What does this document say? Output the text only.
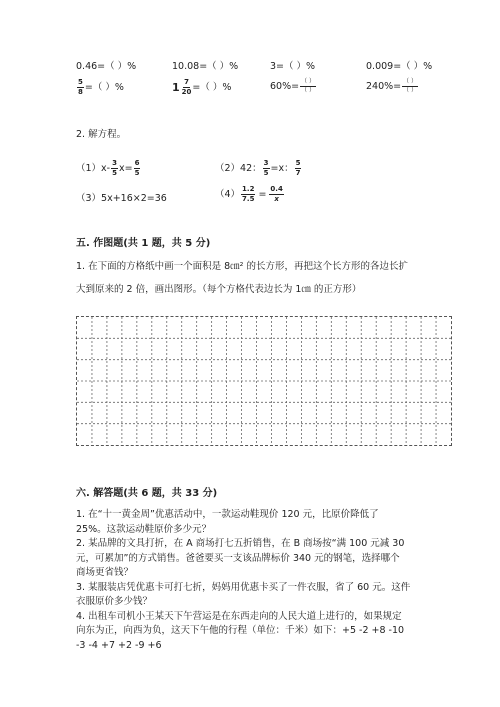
0.46=（ ）%	10.08=（ ）%	3=（ ）%	0.009=（ ）%
$\frac{5}{8}$ =（ ）%	$1 \frac{7}{20}$ =（ ）%	$60\%= \frac{( )}{( )}$	$240\%= \frac{( )}{( )}$
2. 解方程。
$(1)x- \frac{3}{5} x= \frac{6}{5}$	（2）42： $\frac{3}{5} =x$： $\frac{5}{7}$
（3）5x+16×2=36	$(4) \frac{1.2}{7.5} = \frac{0.4}{x}$
五. 作图题(共 1 题，共 5 分)
1. 在下面的方格纸中画一个面积是 8㎝² 的长方形，再把这个长方形的各边长扩
大到原来的 2 倍，画出图形。（每个方格代表边长为 1㎝ 的正方形）
六. 解答题(共 6 题，共 33 分)
1. 在“十一黄金周”优惠活动中，一款运动鞋现价 120 元，比原价降低了
25%。这款运动鞋原价多少元？
2. 某品牌的文具打折，在 A 商场打七五折销售，在 B 商场按“满 100 元减 30
元，可累加”的方式销售。爸爸要买一支该品牌标价 340 元的钢笔，选择哪个
商场更省钱？
3. 某服装店凭优惠卡可打七折，妈妈用优惠卡买了一件衣服，省了 60 元。这件
衣服原价多少钱？
4. 出租车司机小王某天下午营运是在东西走向的人民大道上进行的，如果规定
向东为正，向西为负，这天下午他的行程（单位：千米）如下：+5 -2 +8 -10
-3 -4 +7 +2 -9 +6
